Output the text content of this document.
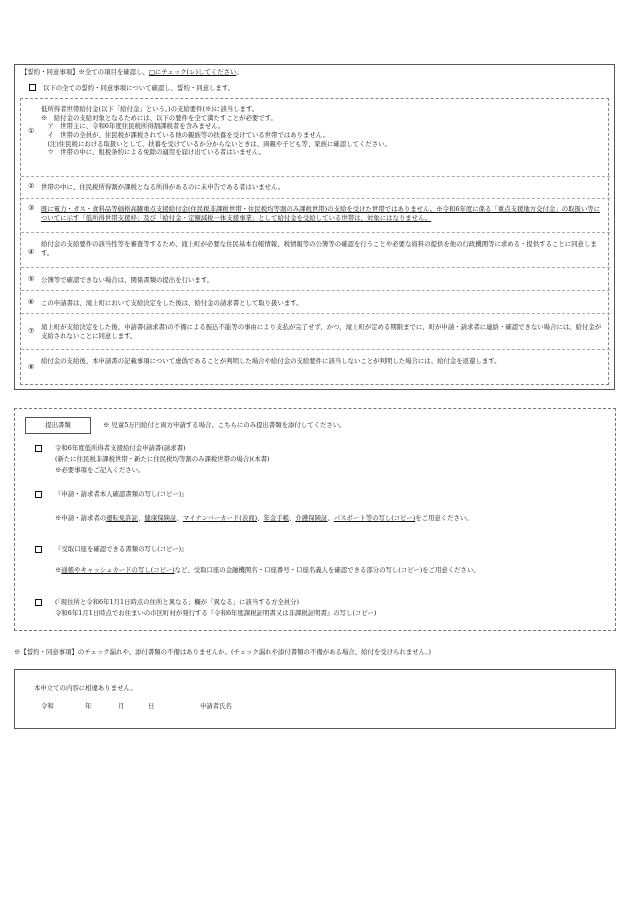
【誓約・同意事項】※全ての項目を確認し、□にチェック(レ)してください。
以下の全ての誓約・同意事項について確認し、誓約・同意します。
①
低所得者世帯給付金(以下「給付金」という。)の支給要件(※)に該当します。
※　給付金の支給対象となるためには、以下の要件を全て満たすことが必要です。
　ア　世帯主に、令和6年度住民税所得割課税者を含みません。
　イ　世帯の全員が、住民税が課税されている他の親族等の扶養を受けている世帯ではありません。
　(注)住民税における取扱いとして、扶養を受けているか分からないときは、両親や子ども等、家族に確認してください。
　ウ　世帯の中に、租税条約による免除の適用を届け出ている者はいません。
② 世帯の中に、住民税所得割が課税となる所得があるのに未申告である者はいません。
③ 既に電力・ガス・食料品等価格高騰重点支援給付金(住民税非課税世帯・住民税均等割のみ課税世帯)の支給を受けた世帯ではありません。※令和6年度に係る「重点支援地方交付金」の取扱い等についてに示す「低所得世帯支援枠」及び「給付金・定額減税一体支援事業」として給付金を受給している世帯は、対象にはなりません。
④
給付金の支給要件の該当性等を審査等するため、滝上町が必要な住民基本台帳情報、税情報等の公簿等の確認を行うことや必要な資料の提供を他の行政機関等に求める・提供することに同意します。
⑤ 公簿等で確認できない場合は、関係書類の提出を行います。
⑥ この申請書は、滝上町において支給決定をした後は、給付金の請求書として取り扱います。
⑦ 滝上町が支給決定をした後、申請書(請求書)の不備による振込不能等の事由により支払が完了せず、かつ、滝上町が定める期限までに、町が申請・請求者に連絡・確認できない場合には、給付金が支給されないことに同意します。
⑧
給付金の支給後、本申請書の記載事項について虚偽であることが判明した場合や給付金の支給要件に該当しないことが判明した場合には、給付金を返還します。
提出書類	※ 児童5万円給付と両方申請する場合、こちらにのみ提出書類を添付してください。
令和6年度低所得者支援給付金申請書(請求書)
(新たに住民税非課税世帯・新たに住民税均等割のみ課税世帯の場合)(本書)
※必要事項をご記入ください。
『申請・請求者本人確認書類の写し(コピー)』
※申請・請求者の運転免許証、健康保険証、マイナンバーカード(表面)、年金手帳、介護保険証、パスポート等の写し(コピー)をご用意ください。
『受取口座を確認できる書類の写し(コピー)』
※通帳やキャッシュカードの写し(コピー)など、受取口座の金融機関名・口座番号・口座名義人を確認できる部分の写し(コピー)をご用意ください。
(「現住所と令和6年1月1日時点の住所と異なる」欄が「異なる」に該当する方全員分)
令和6年1月1日時点でお住まいの市区町村が発行する『令和6年度課税証明書又は非課税証明書』の写し(コピー)
※【誓約・同意事項】のチェック漏れや、添付書類の不備はありませんか。(チェック漏れや添付書類の不備がある場合、給付を受けられません。)
本申立ての内容に相違ありません。
令和	年	月	日	申請者氏名
